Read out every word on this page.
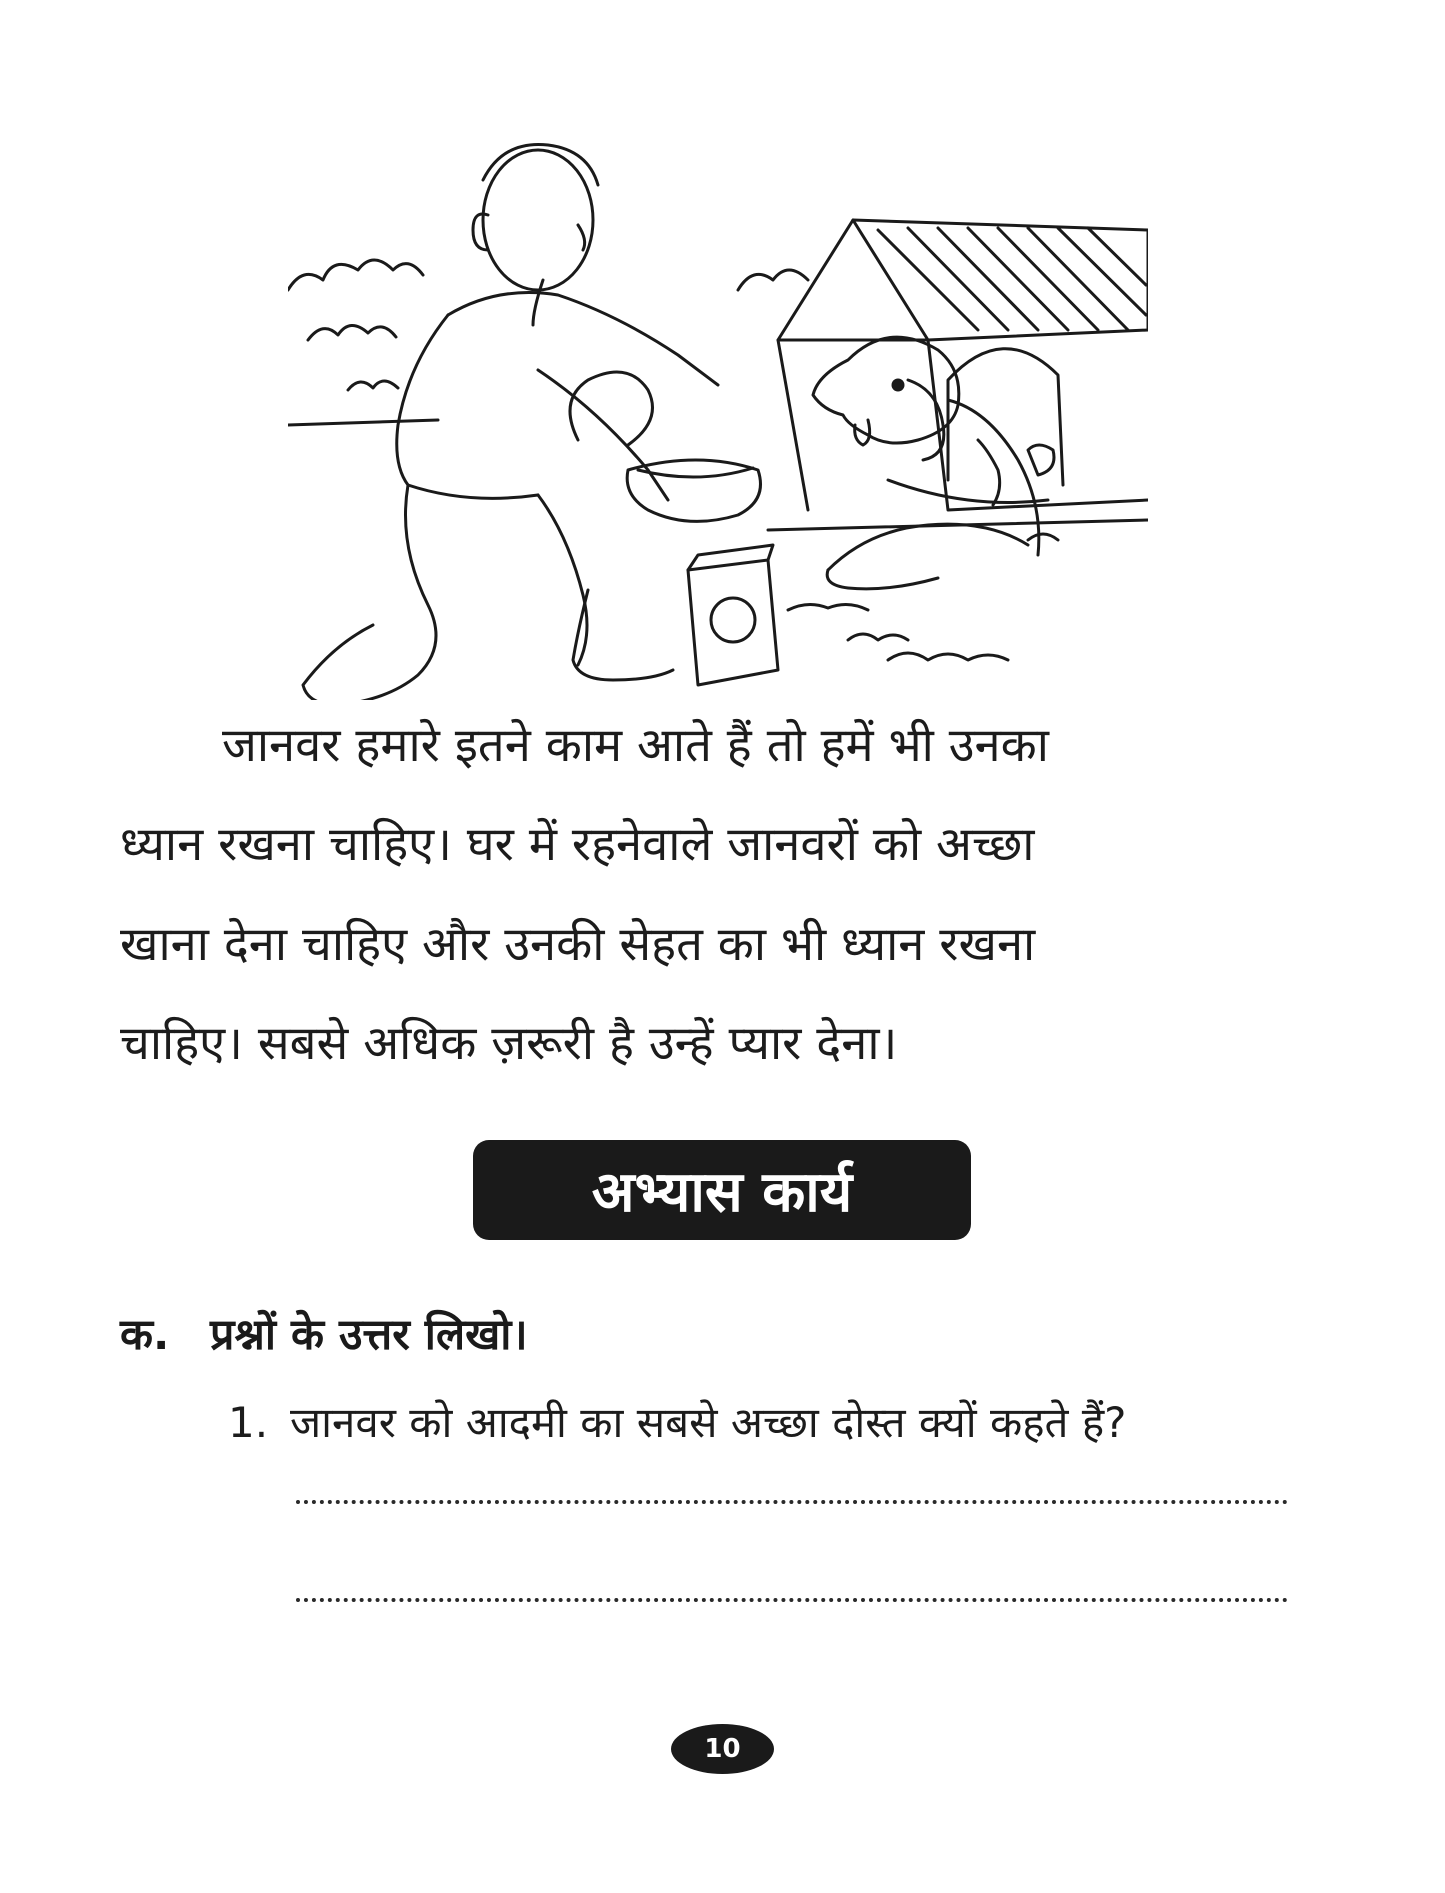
जानवर हमारे इतने काम आते हैं तो हमें भी उनका
ध्यान रखना चाहिए। घर में रहनेवाले जानवरों को अच्छा
खाना देना चाहिए और उनकी सेहत का भी ध्यान रखना
चाहिए। सबसे अधिक ज़रूरी है उन्हें प्यार देना।
अभ्यास कार्य
क. प्रश्नों के उत्तर लिखो।
1. जानवर को आदमी का सबसे अच्छा दोस्त क्यों कहते हैं?
10
